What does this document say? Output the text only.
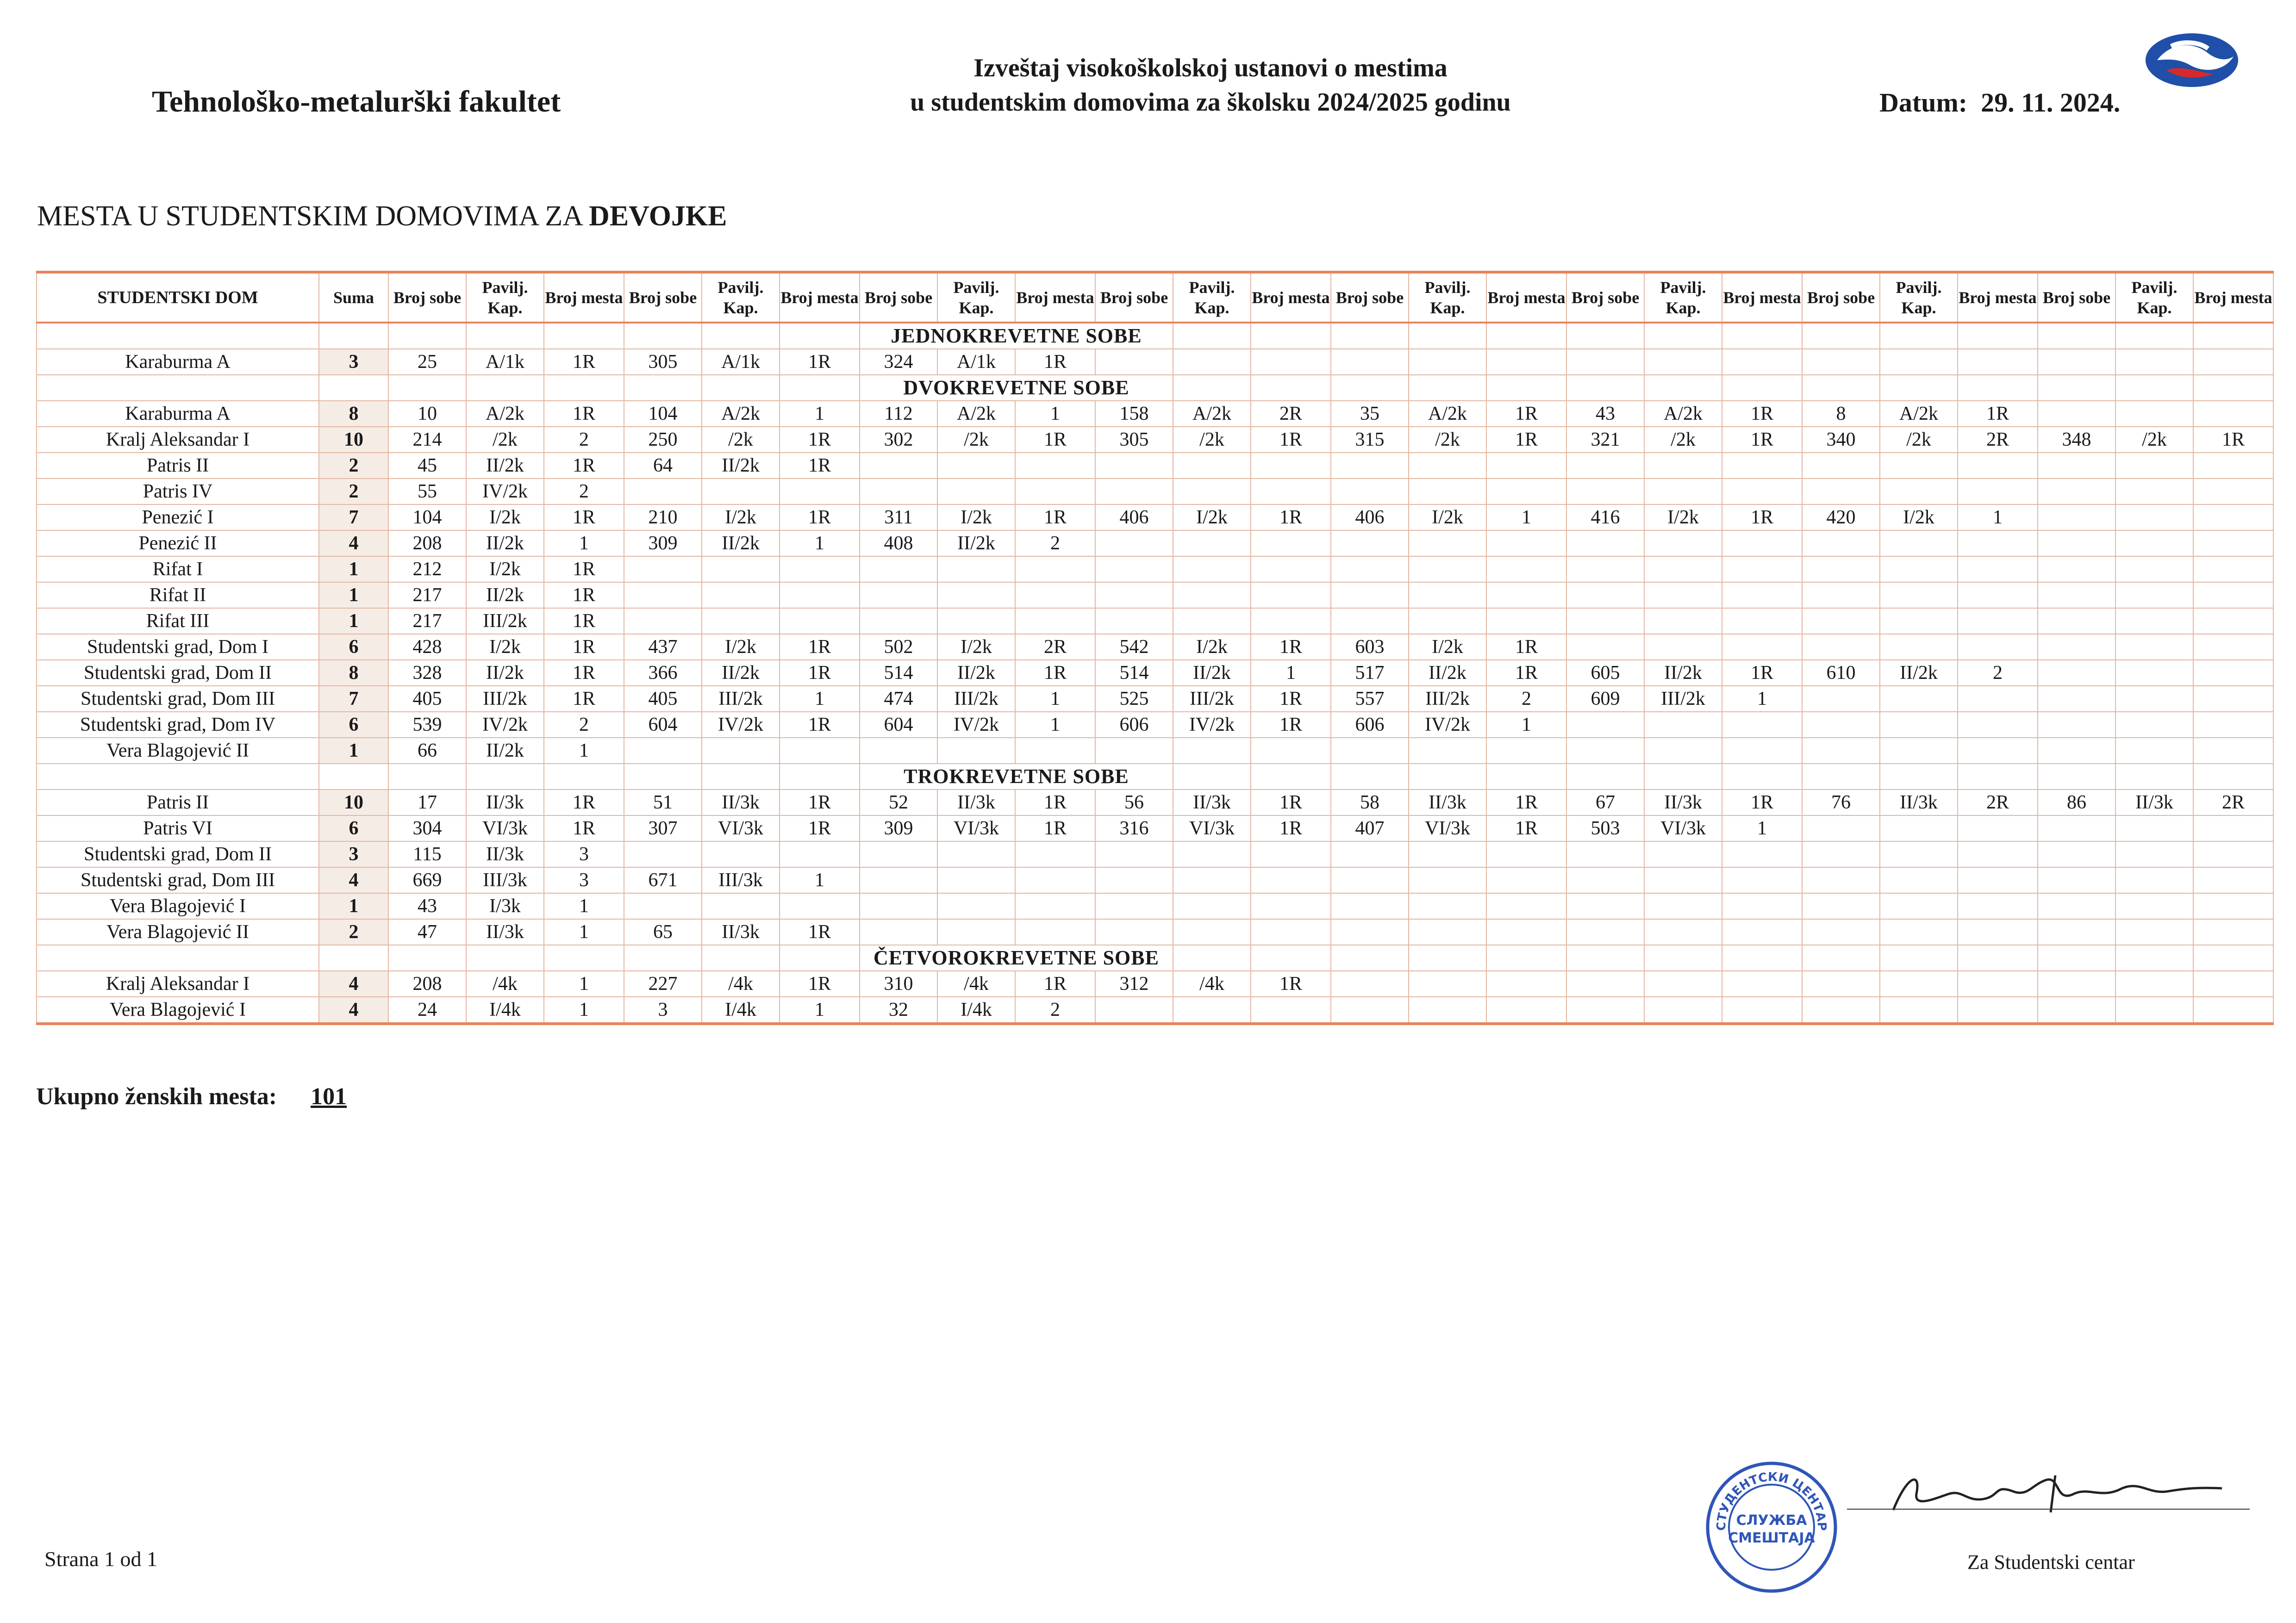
Tehnološko-metalurški fakultet
Izveštaj visokoškolskoj ustanovi o mestima
u studentskim domovima za školsku 2024/2025 godinu	Datum: 29. 11. 2024.
MESTA U STUDENTSKIM DOMOVIMA ZA DEVOJKE
STUDENTSKI DOM	Suma	Broj sobe	Pavilj. Kap.	Broj mesta	Broj sobe	Pavilj. Kap.	Broj mesta	Broj sobe	Pavilj. Kap.	Broj mesta	Broj sobe	Pavilj. Kap.	Broj mesta	Broj sobe	Pavilj. Kap.	Broj mesta	Broj sobe	Pavilj. Kap.	Broj mesta	Broj sobe	Pavilj. Kap.	Broj mesta	Broj sobe	Pavilj. Kap.	Broj mesta
								JEDNOKREVETNE SOBE																	
Karaburma A	3	25	A/1k	1R	305	A/1k	1R	324	A/1k	1R															
								DVOKREVETNE SOBE																	
Karaburma A	8	10	A/2k	1R	104	A/2k	1	112	A/2k	1	158	A/2k	2R	35	A/2k	1R	43	A/2k	1R	8	A/2k	1R			
Kralj Aleksandar I	10	214	/2k	2	250	/2k	1R	302	/2k	1R	305	/2k	1R	315	/2k	1R	321	/2k	1R	340	/2k	2R	348	/2k	1R
Patris II	2	45	II/2k	1R	64	II/2k	1R																		
Patris IV	2	55	IV/2k	2																					
Penezić I	7	104	I/2k	1R	210	I/2k	1R	311	I/2k	1R	406	I/2k	1R	406	I/2k	1	416	I/2k	1R	420	I/2k	1			
Penezić II	4	208	II/2k	1	309	II/2k	1	408	II/2k	2															
Rifat I	1	212	I/2k	1R																					
Rifat II	1	217	II/2k	1R																					
Rifat III	1	217	III/2k	1R																					
Studentski grad, Dom I	6	428	I/2k	1R	437	I/2k	1R	502	I/2k	2R	542	I/2k	1R	603	I/2k	1R									
Studentski grad, Dom II	8	328	II/2k	1R	366	II/2k	1R	514	II/2k	1R	514	II/2k	1	517	II/2k	1R	605	II/2k	1R	610	II/2k	2			
Studentski grad, Dom III	7	405	III/2k	1R	405	III/2k	1	474	III/2k	1	525	III/2k	1R	557	III/2k	2	609	III/2k	1						
Studentski grad, Dom IV	6	539	IV/2k	2	604	IV/2k	1R	604	IV/2k	1	606	IV/2k	1R	606	IV/2k	1									
Vera Blagojević II	1	66	II/2k	1																					
								TROKREVETNE SOBE																	
Patris II	10	17	II/3k	1R	51	II/3k	1R	52	II/3k	1R	56	II/3k	1R	58	II/3k	1R	67	II/3k	1R	76	II/3k	2R	86	II/3k	2R
Patris VI	6	304	VI/3k	1R	307	VI/3k	1R	309	VI/3k	1R	316	VI/3k	1R	407	VI/3k	1R	503	VI/3k	1						
Studentski grad, Dom II	3	115	II/3k	3																					
Studentski grad, Dom III	4	669	III/3k	3	671	III/3k	1																		
Vera Blagojević I	1	43	I/3k	1																					
Vera Blagojević II	2	47	II/3k	1	65	II/3k	1R																		
								ČETVOROKREVETNE SOBE																	
Kralj Aleksandar I	4	208	/4k	1	227	/4k	1R	310	/4k	1R	312	/4k	1R												
Vera Blagojević I	4	24	I/4k	1	3	I/4k	1	32	I/4k	2															
Ukupno ženskih mesta: 101
Strana 1 od 1
СТУДЕНТСКИ ЦЕНТАР
СЛУЖБА
СМЕШТАЈА
Za Studentski centar
